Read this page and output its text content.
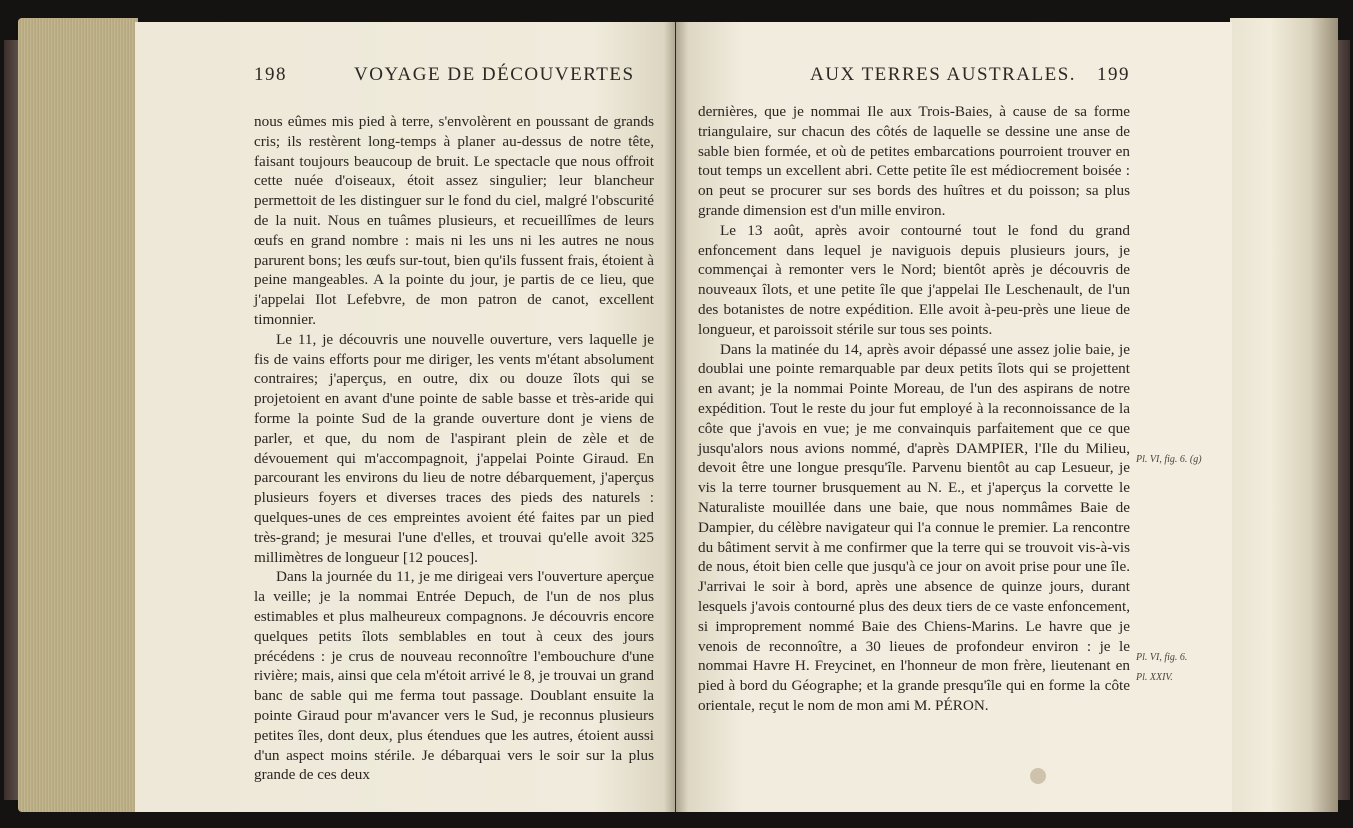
198	VOYAGE DE DÉCOUVERTES	AUX TERRES AUSTRALES. 199

nous eûmes mis pied à terre, s'envolèrent en poussant de grands cris; ils restèrent long-temps à planer au-dessus de notre tête, faisant toujours beaucoup de bruit. Le spectacle que nous offroit cette nuée d'oiseaux, étoit assez singulier; leur blancheur permettoit de les distinguer sur le fond du ciel, malgré l'obscurité de la nuit. Nous en tuâmes plusieurs, et recueillîmes de leurs œufs en grand nombre : mais ni les uns ni les autres ne nous parurent bons; les œufs sur-tout, bien qu'ils fussent frais, étoient à peine mangeables. A la pointe du jour, je partis de ce lieu, que j'appelai Ilot Lefebvre, de mon patron de canot, excellent timonnier.

Le 11, je découvris une nouvelle ouverture, vers laquelle je fis de vains efforts pour me diriger, les vents m'étant absolument contraires; j'aperçus, en outre, dix ou douze îlots qui se projetoient en avant d'une pointe de sable basse et très-aride qui forme la pointe Sud de la grande ouverture dont je viens de parler, et que, du nom de l'aspirant plein de zèle et de dévouement qui m'accompagnoit, j'appelai Pointe Giraud. En parcourant les environs du lieu de notre débarquement, j'aperçus plusieurs foyers et diverses traces des pieds des naturels : quelques-unes de ces empreintes avoient été faites par un pied très-grand; je mesurai l'une d'elles, et trouvai qu'elle avoit 325 millimètres de longueur [12 pouces].

Dans la journée du 11, je me dirigeai vers l'ouverture aperçue la veille; je la nommai Entrée Depuch, de l'un de nos plus estimables et plus malheureux compagnons. Je découvris encore quelques petits îlots semblables en tout à ceux des jours précédens : je crus de nouveau reconnoître l'embouchure d'une rivière; mais, ainsi que cela m'étoit arrivé le 8, je trouvai un grand banc de sable qui me ferma tout passage. Doublant ensuite la pointe Giraud pour m'avancer vers le Sud, je reconnus plusieurs petites îles, dont deux, plus étendues que les autres, étoient aussi d'un aspect moins stérile. Je débarquai vers le soir sur la plus grande de ces deux

dernières, que je nommai Ile aux Trois-Baies, à cause de sa forme triangulaire, sur chacun des côtés de laquelle se dessine une anse de sable bien formée, et où de petites embarcations pourroient trouver en tout temps un excellent abri. Cette petite île est médiocrement boisée : on peut se procurer sur ses bords des huîtres et du poisson; sa plus grande dimension est d'un mille environ.

Le 13 août, après avoir contourné tout le fond du grand enfoncement dans lequel je naviguois depuis plusieurs jours, je commençai à remonter vers le Nord; bientôt après je découvris de nouveaux îlots, et une petite île que j'appelai Ile Leschenault, de l'un des botanistes de notre expédition. Elle avoit à-peu-près une lieue de longueur, et paroissoit stérile sur tous ses points.

Dans la matinée du 14, après avoir dépassé une assez jolie baie, je doublai une pointe remarquable par deux petits îlots qui se projettent en avant; je la nommai Pointe Moreau, de l'un des aspirans de notre expédition. Tout le reste du jour fut employé à la reconnoissance de la côte que j'avois en vue; je me convainquis parfaitement que ce que jusqu'alors nous avions nommé, d'après DAMPIER, l'Ile du Milieu, devoit être une longue presqu'île. Parvenu bientôt au cap Lesueur, je vis la terre tourner brusquement au N. E., et j'aperçus la corvette le Naturaliste mouillée dans une baie, que nous nommâmes Baie de Dampier, du célèbre navigateur qui l'a connue le premier. La rencontre du bâtiment servit à me confirmer que la terre qui se trouvoit vis-à-vis de nous, étoit bien celle que jusqu'à ce jour on avoit prise pour une île. J'arrivai le soir à bord, après une absence de quinze jours, durant lesquels j'avois contourné plus des deux tiers de ce vaste enfoncement, si improprement nommé Baie des Chiens-Marins. Le havre que je venois de reconnoître, a 30 lieues de profondeur environ : je le nommai Havre H. Freycinet, en l'honneur de mon frère, lieutenant en pied à bord du Géographe; et la grande presqu'île qui en forme la côte orientale, reçut le nom de mon ami M. PÉRON.

Pl. VI, fig. 6. (g)
Pl. VI, fig. 6.
Pl. XXIV.
